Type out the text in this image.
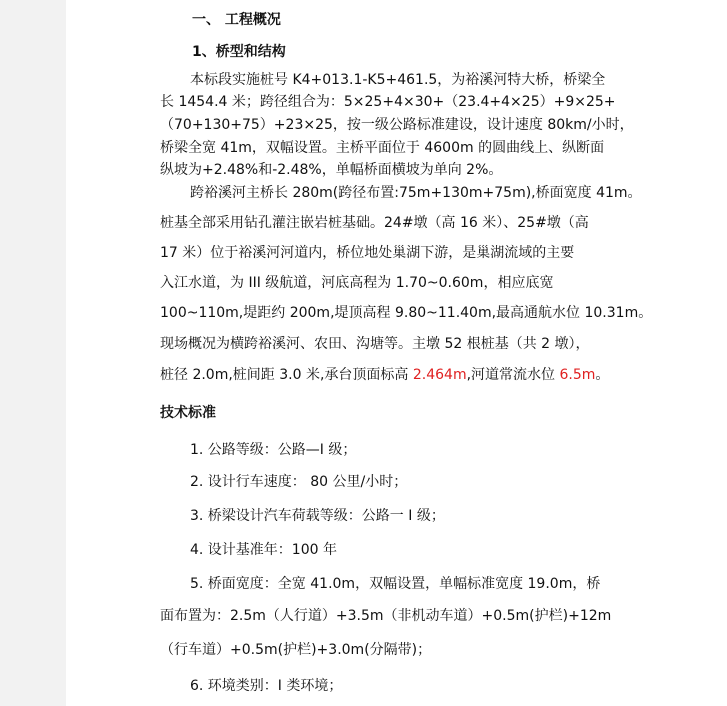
一、 工程概况
1、桥型和结构
本标段实施桩号 K4+013.1-K5+461.5，为裕溪河特大桥，桥梁全
长 1454.4 米；跨径组合为：5×25+4×30+（23.4+4×25）+9×25+
（70+130+75）+23×25，按一级公路标准建设，设计速度 80km/小时，
桥梁全宽 41m，双幅设置。主桥平面位于 4600m 的圆曲线上、纵断面
纵坡为+2.48%和-2.48%，单幅桥面横坡为单向 2%。
跨裕溪河主桥长 280m(跨径布置:75m+130m+75m),桥面宽度 41m。
桩基全部采用钻孔灌注嵌岩桩基础。24#墩（高 16 米）、25#墩（高
17 米）位于裕溪河河道内，桥位地处巢湖下游，是巢湖流域的主要
入江水道，为 III 级航道，河底高程为 1.70~0.60m，相应底宽
100~110m,堤距约 200m,堤顶高程 9.80~11.40m,最高通航水位 10.31m。
现场概况为横跨裕溪河、农田、沟塘等。主墩 52 根桩基（共 2 墩），
桩径 2.0m,桩间距 3.0 米,承台顶面标高 2.464m,河道常流水位 6.5m。
技术标准
1. 公路等级：公路—I 级；
2. 设计行车速度： 80 公里/小时；
3. 桥梁设计汽车荷载等级：公路一 I 级；
4. 设计基准年：100 年
5. 桥面宽度：全宽 41.0m，双幅设置，单幅标准宽度 19.0m，桥
面布置为：2.5m（人行道）+3.5m（非机动车道）+0.5m(护栏)+12m
（行车道）+0.5m(护栏)+3.0m(分隔带)；
6. 环境类别：I 类环境；
